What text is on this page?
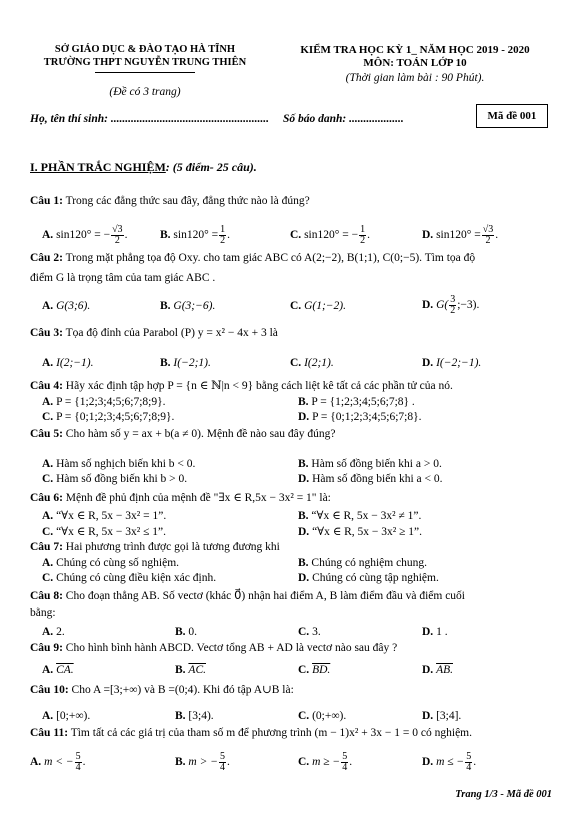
SỞ GIÁO DỤC & ĐÀO TẠO HÀ TĨNH
TRƯỜNG THPT NGUYỄN TRUNG THIÊN
(Đề có 3 trang)
KIỂM TRA HỌC KỲ 1_ NĂM HỌC 2019 - 2020
MÔN: TOÁN LỚP 10
(Thời gian làm bài : 90 Phút).
Họ, tên thí sinh: ....................................................... Số báo danh: ...................	Mã đề 001
I. PHẦN TRẮC NGHIỆM: (5 điểm- 25 câu).
Câu 1: Trong các đẳng thức sau đây, đẳng thức nào là đúng?
A. sin120° = − $\frac{√3}{2}$ .	B. $\sin 120^\circ = \frac{1}{2}$ .	C. sin120° = − $\frac{1}{2}$ .	D. $\sin 120^\circ = \frac{√3}{2}$ .
Câu 2: Trong mặt phẳng tọa độ Oxy. cho tam giác ABC có A(2;−2), B(1;1), C(0;−5). Tìm tọa độ
điểm G là trọng tâm của tam giác ABC .
A. G(3;6).	B. G(3;−6).	C. G(1;−2).	D. $G( \frac{3}{2}$ ;−3).
Câu 3: Tọa độ đỉnh của Parabol (P) y = x² − 4x + 3 là
A. I(2;−1).	B. I(−2;1).	C. I(2;1).	D. I(−2;−1).
Câu 4: Hãy xác định tập hợp P = {n ∈ ℕ|n < 9} bằng cách liệt kê tất cả các phần tử của nó.
A. P = {1;2;3;4;5;6;7;8;9}.	B. P = {1;2;3;4;5;6;7;8} .
C. P = {0;1;2;3;4;5;6;7;8;9}.	D. P = {0;1;2;3;4;5;6;7;8}.
Câu 5: Cho hàm số y = ax + b(a ≠ 0). Mệnh đề nào sau đây đúng?
A. Hàm số nghịch biến khi b < 0.	B. Hàm số đồng biến khi a > 0.
C. Hàm số đồng biến khi b > 0.	D. Hàm số đồng biến khi a < 0.
Câu 6: Mệnh đề phủ định của mệnh đề "∃x ∈ R,5x − 3x² = 1" là:
A. “∀x ∈ R, 5x − 3x² = 1”.	B. “∀x ∈ R, 5x − 3x² ≠ 1”.
C. “∀x ∈ R, 5x − 3x² ≤ 1”.	D. “∀x ∈ R, 5x − 3x² ≥ 1”.
Câu 7: Hai phương trình được gọi là tương đương khi
A. Chúng có cùng số nghiệm.	B. Chúng có nghiệm chung.
C. Chúng có cùng điều kiện xác định.	D. Chúng có cùng tập nghiệm.
Câu 8: Cho đoạn thẳng AB. Số vectơ (khác 0⃗) nhận hai điểm A, B làm điểm đầu và điểm cuối
bằng:
A. 2.	B. 0.	C. 3.	D. 1 .
Câu 9: Cho hình bình hành ABCD. Vectơ tổng AB + AD là vectơ nào sau đây ?
A. CA.	B. AC.	C. BD.	D. AB.
Câu 10: Cho A =[3;+∞) và B =(0;4). Khi đó tập A∪B là:
A. [0;+∞).	B. [3;4).	C. (0;+∞).	D. [3;4].
Câu 11: Tìm tất cả các giá trị của tham số m để phương trình (m − 1)x² + 3x − 1 = 0 có nghiệm.
A. m < − $\frac{5}{4}$ .	B. m > − $\frac{5}{4}$ .	C. m ≥ − $\frac{5}{4}$ .	D. m ≤ − $\frac{5}{4}$ .
Trang 1/3 - Mã đề 001
